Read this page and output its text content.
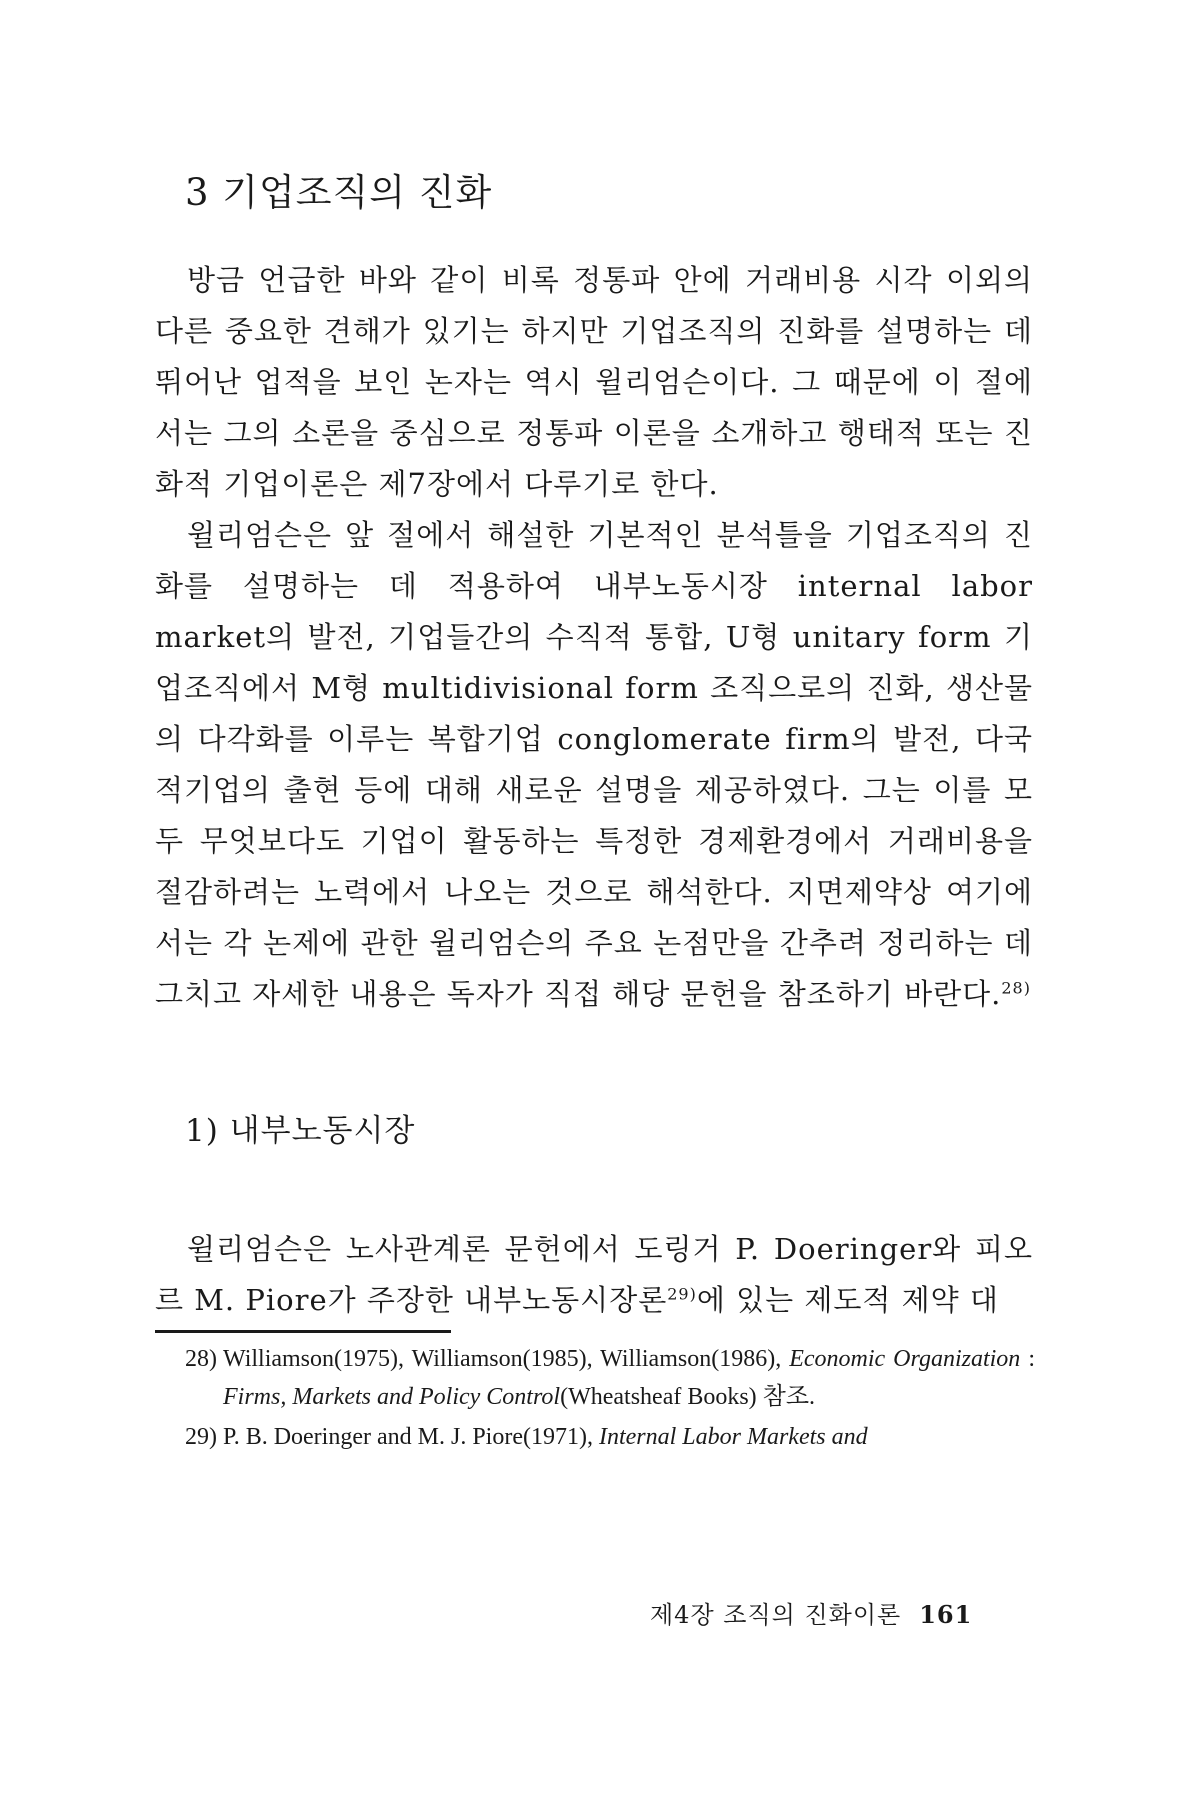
3 기업조직의 진화

방금 언급한 바와 같이 비록 정통파 안에 거래비용 시각 이외의 다른 중요한 견해가 있기는 하지만 기업조직의 진화를 설명하는 데 뛰어난 업적을 보인 논자는 역시 윌리엄슨이다. 그 때문에 이 절에서는 그의 소론을 중심으로 정통파 이론을 소개하고 행태적 또는 진화적 기업이론은 제7장에서 다루기로 한다.

윌리엄슨은 앞 절에서 해설한 기본적인 분석틀을 기업조직의 진화를 설명하는 데 적용하여 내부노동시장 internal labor market의 발전, 기업들간의 수직적 통합, U형 unitary form 기업조직에서 M형 multidivisional form 조직으로의 진화, 생산물의 다각화를 이루는 복합기업 conglomerate firm의 발전, 다국적기업의 출현 등에 대해 새로운 설명을 제공하였다. 그는 이를 모두 무엇보다도 기업이 활동하는 특정한 경제환경에서 거래비용을 절감하려는 노력에서 나오는 것으로 해석한다. 지면제약상 여기에서는 각 논제에 관한 윌리엄슨의 주요 논점만을 간추려 정리하는 데 그치고 자세한 내용은 독자가 직접 해당 문헌을 참조하기 바란다.$^{28)}$

1) 내부노동시장

윌리엄슨은 노사관계론 문헌에서 도링거 P. Doeringer와 피오르 M. Piore가 주장한 내부노동시장론$^{29)}$에 있는 제도적 제약 대

28) Williamson(1975), Williamson(1985), Williamson(1986), Economic Organization : Firms, Markets and Policy Control(Wheatsheaf Books) 참조.

29) P. B. Doeringer and M. J. Piore(1971), Internal Labor Markets and

제4장 조직의 진화이론 161
